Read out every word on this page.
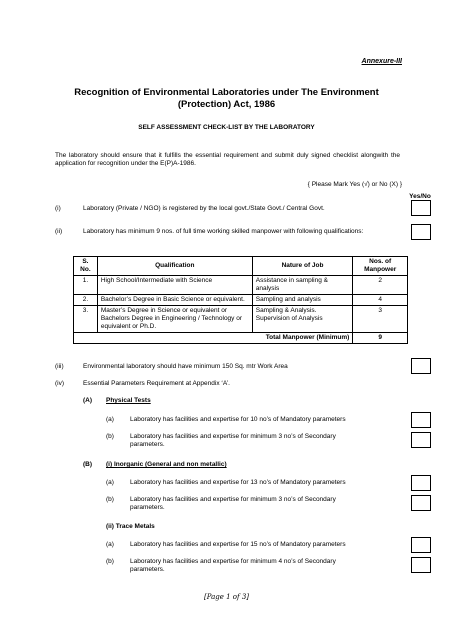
Annexure-III
Recognition of Environmental Laboratories under The Environment (Protection) Act, 1986
SELF ASSESSMENT CHECK-LIST BY THE LABORATORY
The laboratory should ensure that it fulfills the essential requirement and submit duly signed checklist alongwith the application for recognition under the E(P)A-1986.
{ Please Mark Yes (√) or No (X) }
Yes/No
(i)	Laboratory (Private / NGO) is registered by the local govt./State Govt./ Central Govt.
(ii)	Laboratory has minimum 9 nos. of full time working skilled manpower with following qualifications:
S. No.	Qualification	Nature of Job	Nos. of Manpower
1.	High School/Intermediate with Science	Assistance in sampling & analysis	2
2.	Bachelor’s Degree in Basic Science or equivalent.	Sampling and analysis	4
3.	Master’s Degree in Science or equivalent or Bachelors Degree in Engineering / Technology or equivalent or Ph.D.	Sampling & Analysis. Supervision of Analysis	3
Total Manpower (Minimum)			9
(iii)	Environmental laboratory should have minimum 150 Sq. mtr Work Area
(iv)	Essential Parameters Requirement at Appendix ‘A’.
(A) Physical Tests
(a) Laboratory has facilities and expertise for 10 no’s of Mandatory parameters
(b) Laboratory has facilities and expertise for minimum 3 no’s of Secondary parameters.
(B) (i) Inorganic (General and non metallic)
(a) Laboratory has facilities and expertise for 13 no’s of Mandatory parameters
(b) Laboratory has facilities and expertise for minimum 3 no’s of Secondary parameters.
(ii) Trace Metals
(a) Laboratory has facilities and expertise for 15 no’s of Mandatory parameters
(b) Laboratory has facilities and expertise for minimum 4 no’s of Secondary parameters.
[Page 1 of 3]
